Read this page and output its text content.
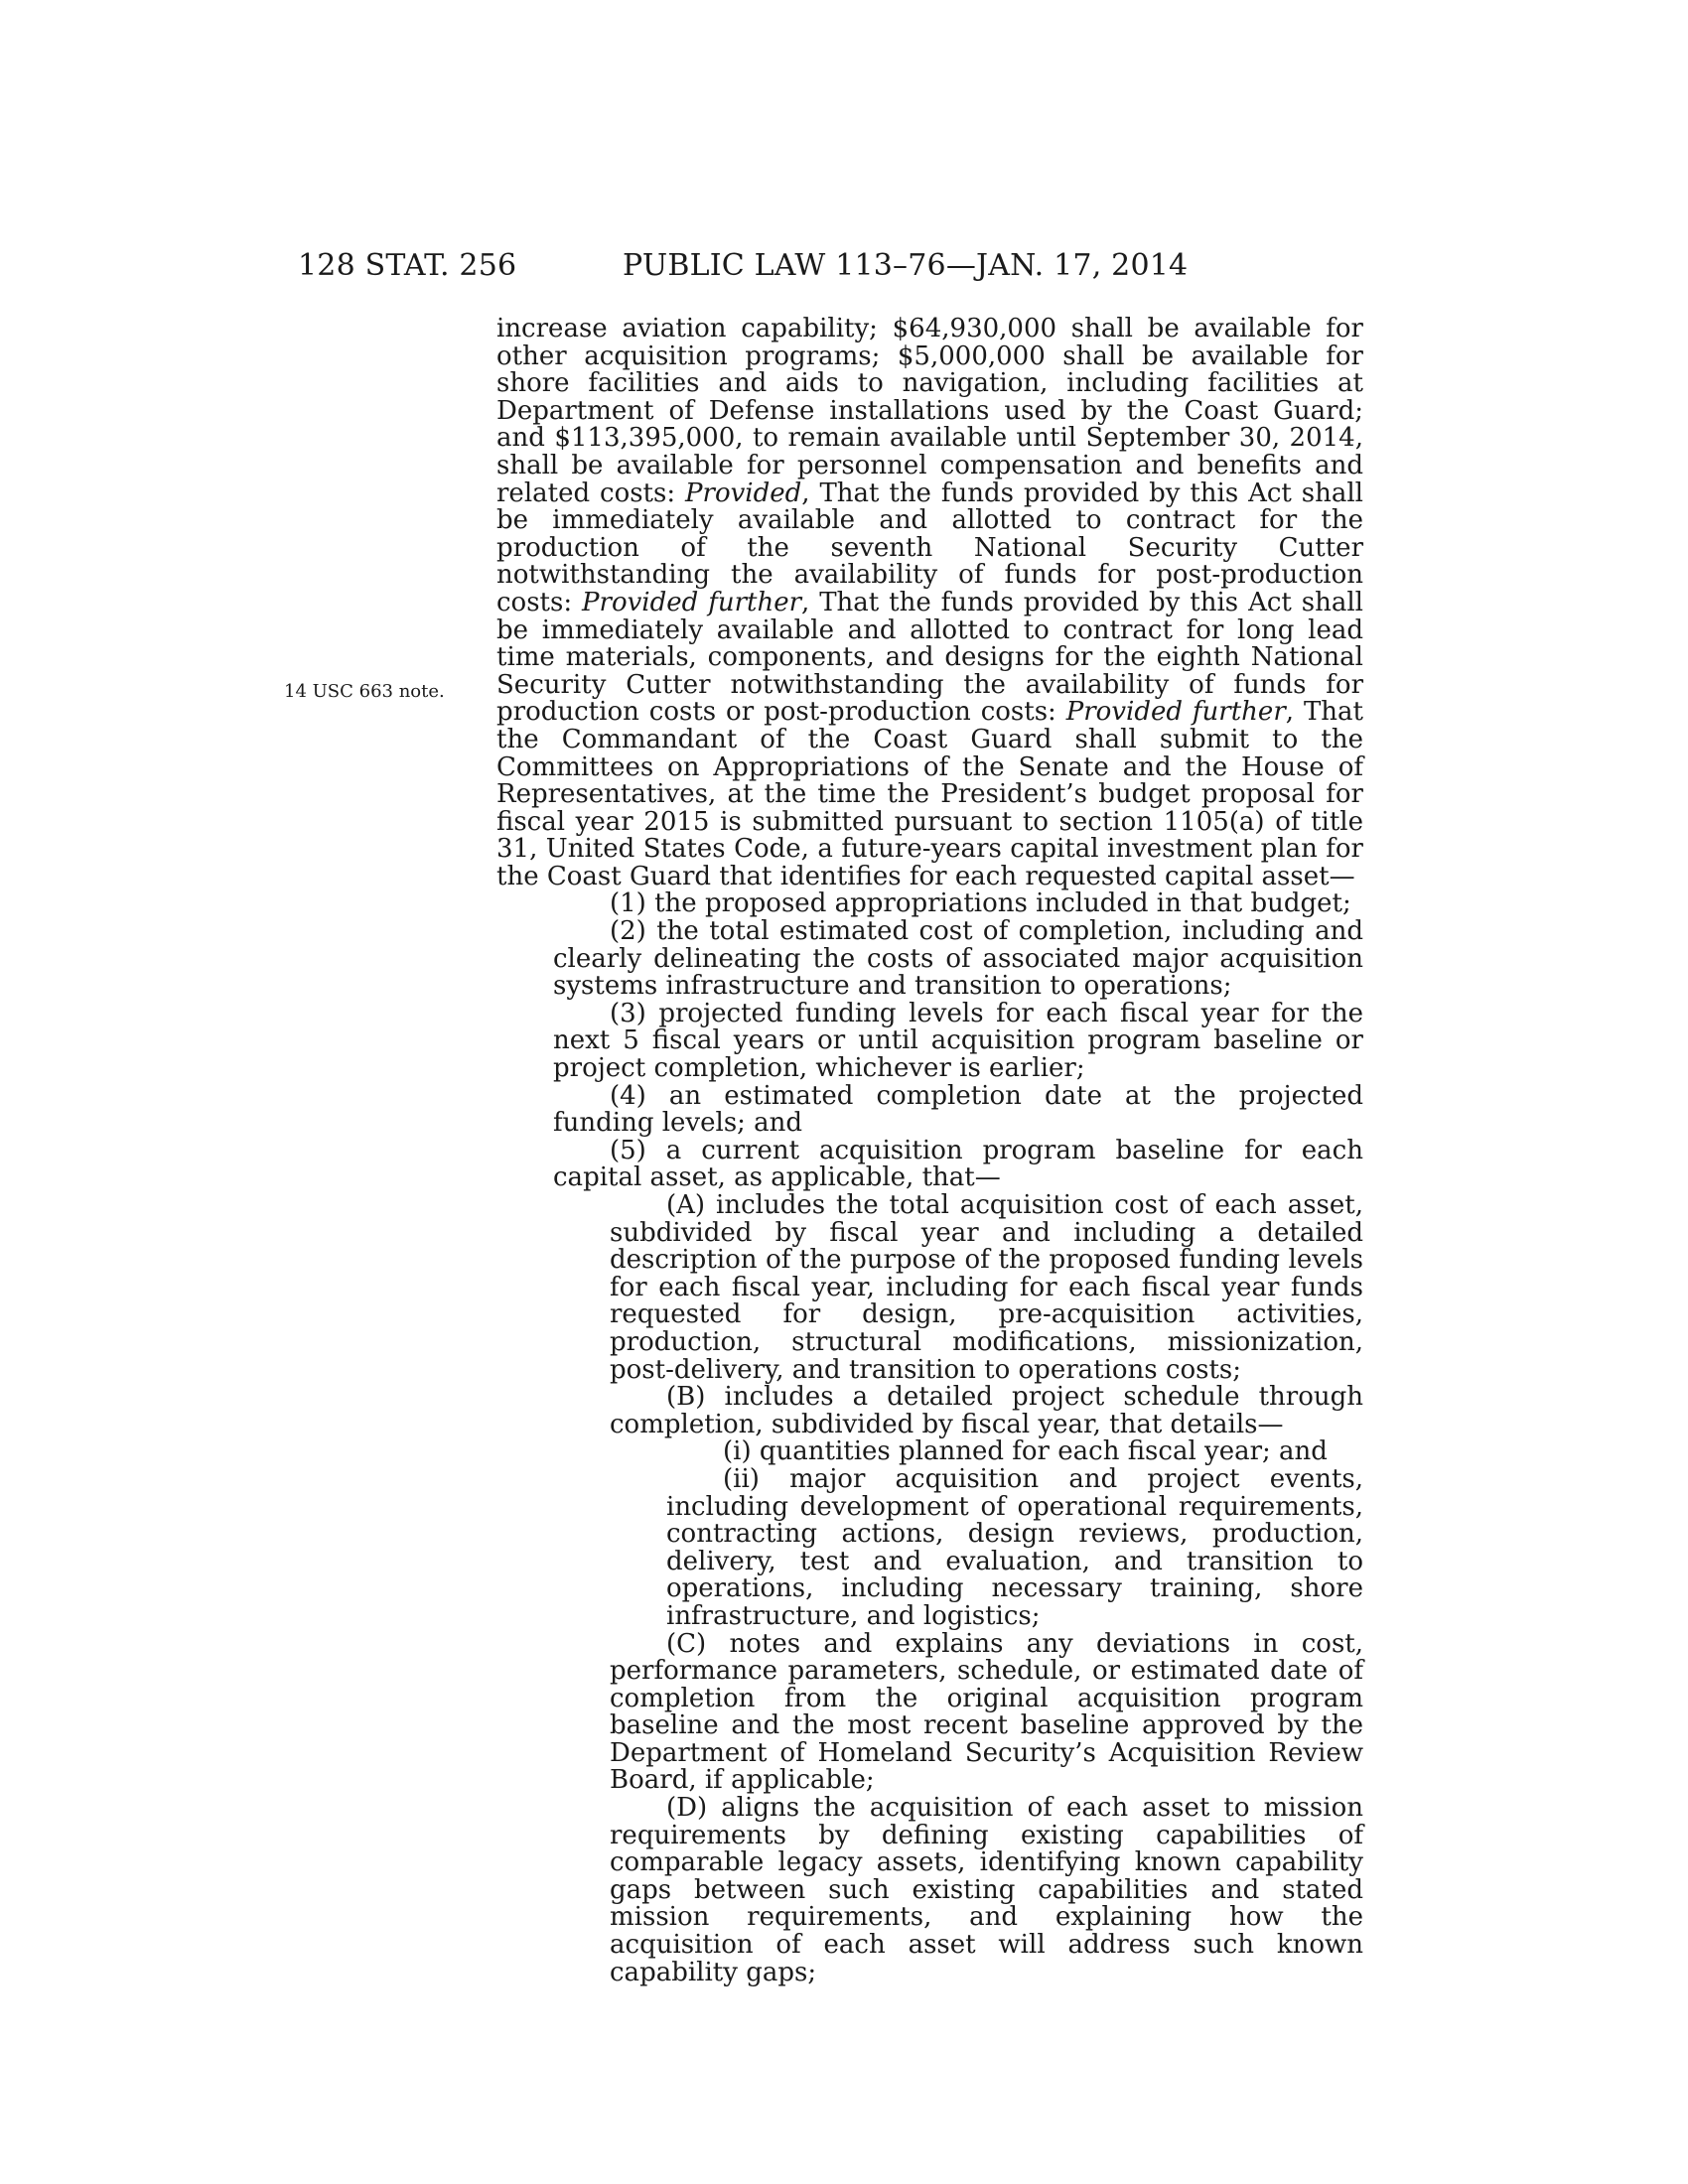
128 STAT. 256	PUBLIC LAW 113–76—JAN. 17, 2014
14 USC 663 note.

increase aviation capability; $64,930,000 shall be available for other acquisition programs; $5,000,000 shall be available for shore facilities and aids to navigation, including facilities at Department of Defense installations used by the Coast Guard; and $113,395,000, to remain available until September 30, 2014, shall be available for personnel compensation and benefits and related costs: Provided, That the funds provided by this Act shall be immediately available and allotted to contract for the production of the seventh National Security Cutter notwithstanding the availability of funds for post-production costs: Provided further, That the funds provided by this Act shall be immediately available and allotted to contract for long lead time materials, components, and designs for the eighth National Security Cutter notwithstanding the availability of funds for production costs or post-production costs: Provided further, That the Commandant of the Coast Guard shall submit to the Committees on Appropriations of the Senate and the House of Representatives, at the time the President’s budget proposal for fiscal year 2015 is submitted pursuant to section 1105(a) of title 31, United States Code, a future-years capital investment plan for the Coast Guard that identifies for each requested capital asset—

(1) the proposed appropriations included in that budget;

(2) the total estimated cost of completion, including and clearly delineating the costs of associated major acquisition systems infrastructure and transition to operations;

(3) projected funding levels for each fiscal year for the next 5 fiscal years or until acquisition program baseline or project completion, whichever is earlier;

(4) an estimated completion date at the projected funding levels; and

(5) a current acquisition program baseline for each capital asset, as applicable, that—

(A) includes the total acquisition cost of each asset, subdivided by fiscal year and including a detailed description of the purpose of the proposed funding levels for each fiscal year, including for each fiscal year funds requested for design, pre-acquisition activities, production, structural modifications, missionization, post-delivery, and transition to operations costs;

(B) includes a detailed project schedule through completion, subdivided by fiscal year, that details—

(i) quantities planned for each fiscal year; and

(ii) major acquisition and project events, including development of operational requirements, contracting actions, design reviews, production, delivery, test and evaluation, and transition to operations, including necessary training, shore infrastructure, and logistics;

(C) notes and explains any deviations in cost, performance parameters, schedule, or estimated date of completion from the original acquisition program baseline and the most recent baseline approved by the Department of Homeland Security’s Acquisition Review Board, if applicable;

(D) aligns the acquisition of each asset to mission requirements by defining existing capabilities of comparable legacy assets, identifying known capability gaps between such existing capabilities and stated mission requirements, and explaining how the acquisition of each asset will address such known capability gaps;
